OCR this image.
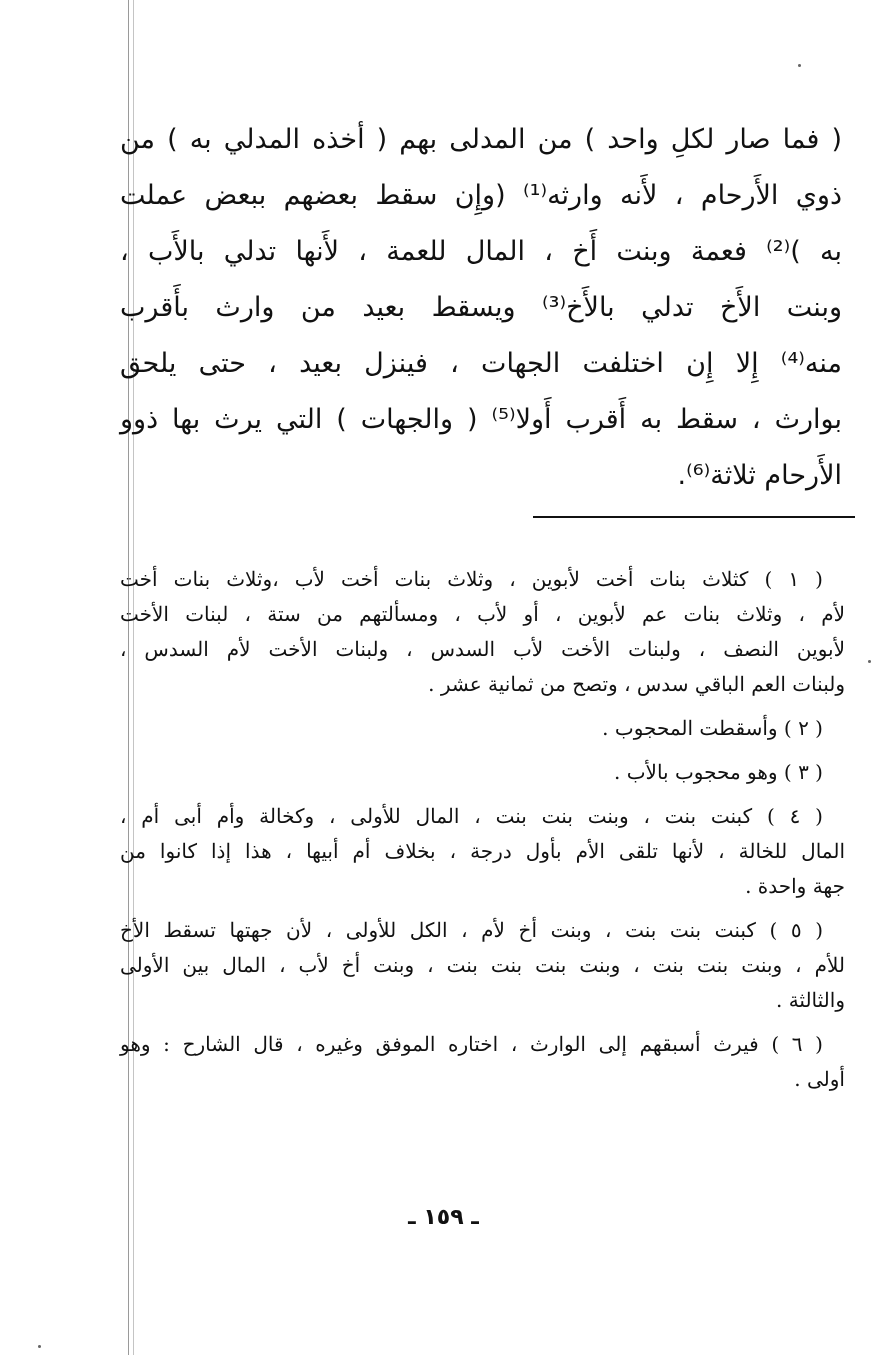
( فما صار لكلِ واحد ) من المدلى بهم ( أخذه المدلي به ) من
ذوي الأَرحام ، لأَنه وارثه⁽¹⁾ (وإِن سقط بعضهم ببعض عملت
به )⁽²⁾ فعمة وبنت أَخ ، المال للعمة ، لأَنها تدلي بالأَب ،
وبنت الأَخ تدلي بالأَخ⁽³⁾ ويسقط بعيد من وارث بأَقرب
منه⁽⁴⁾ إِلا إِن اختلفت الجهات ، فينزل بعيد ، حتى يلحق
بوارث ، سقط به أَقرب أَولا⁽⁵⁾ ( والجهات ) التي يرث بها ذوو
الأَرحام ثلاثة⁽⁶⁾.
( ١ ) كثلاث بنات أخت لأبوين ، وثلاث بنات أخت لأب ،وثلاث بنات أخت
لأم ، وثلاث بنات عم لأبوين ، أو لأب ، ومسألتهم من ستة ، لبنات الأخت
لأبوين النصف ، ولبنات الأخت لأب السدس ، ولبنات الأخت لأم السدس ،
ولبنات العم الباقي سدس ، وتصح من ثمانية عشر .
( ٢ ) وأسقطت المحجوب .
( ٣ ) وهو محجوب بالأب .
( ٤ ) كبنت بنت ، وبنت بنت بنت ، المال للأولى ، وكخالة وأم أبى أم ،
المال للخالة ، لأنها تلقى الأم بأول درجة ، بخلاف أم أبيها ، هذا إذا كانوا من
جهة واحدة .
( ٥ ) كبنت بنت بنت ، وبنت أخ لأم ، الكل للأولى ، لأن جهتها تسقط الأخ
للأم ، وبنت بنت بنت ، وبنت بنت بنت بنت ، وبنت أخ لأب ، المال بين الأولى
والثالثة .
( ٦ ) فيرث أسبقهم إلى الوارث ، اختاره الموفق وغيره ، قال الشارح : وهو
أولى .
ـ ١٥٩ ـ
